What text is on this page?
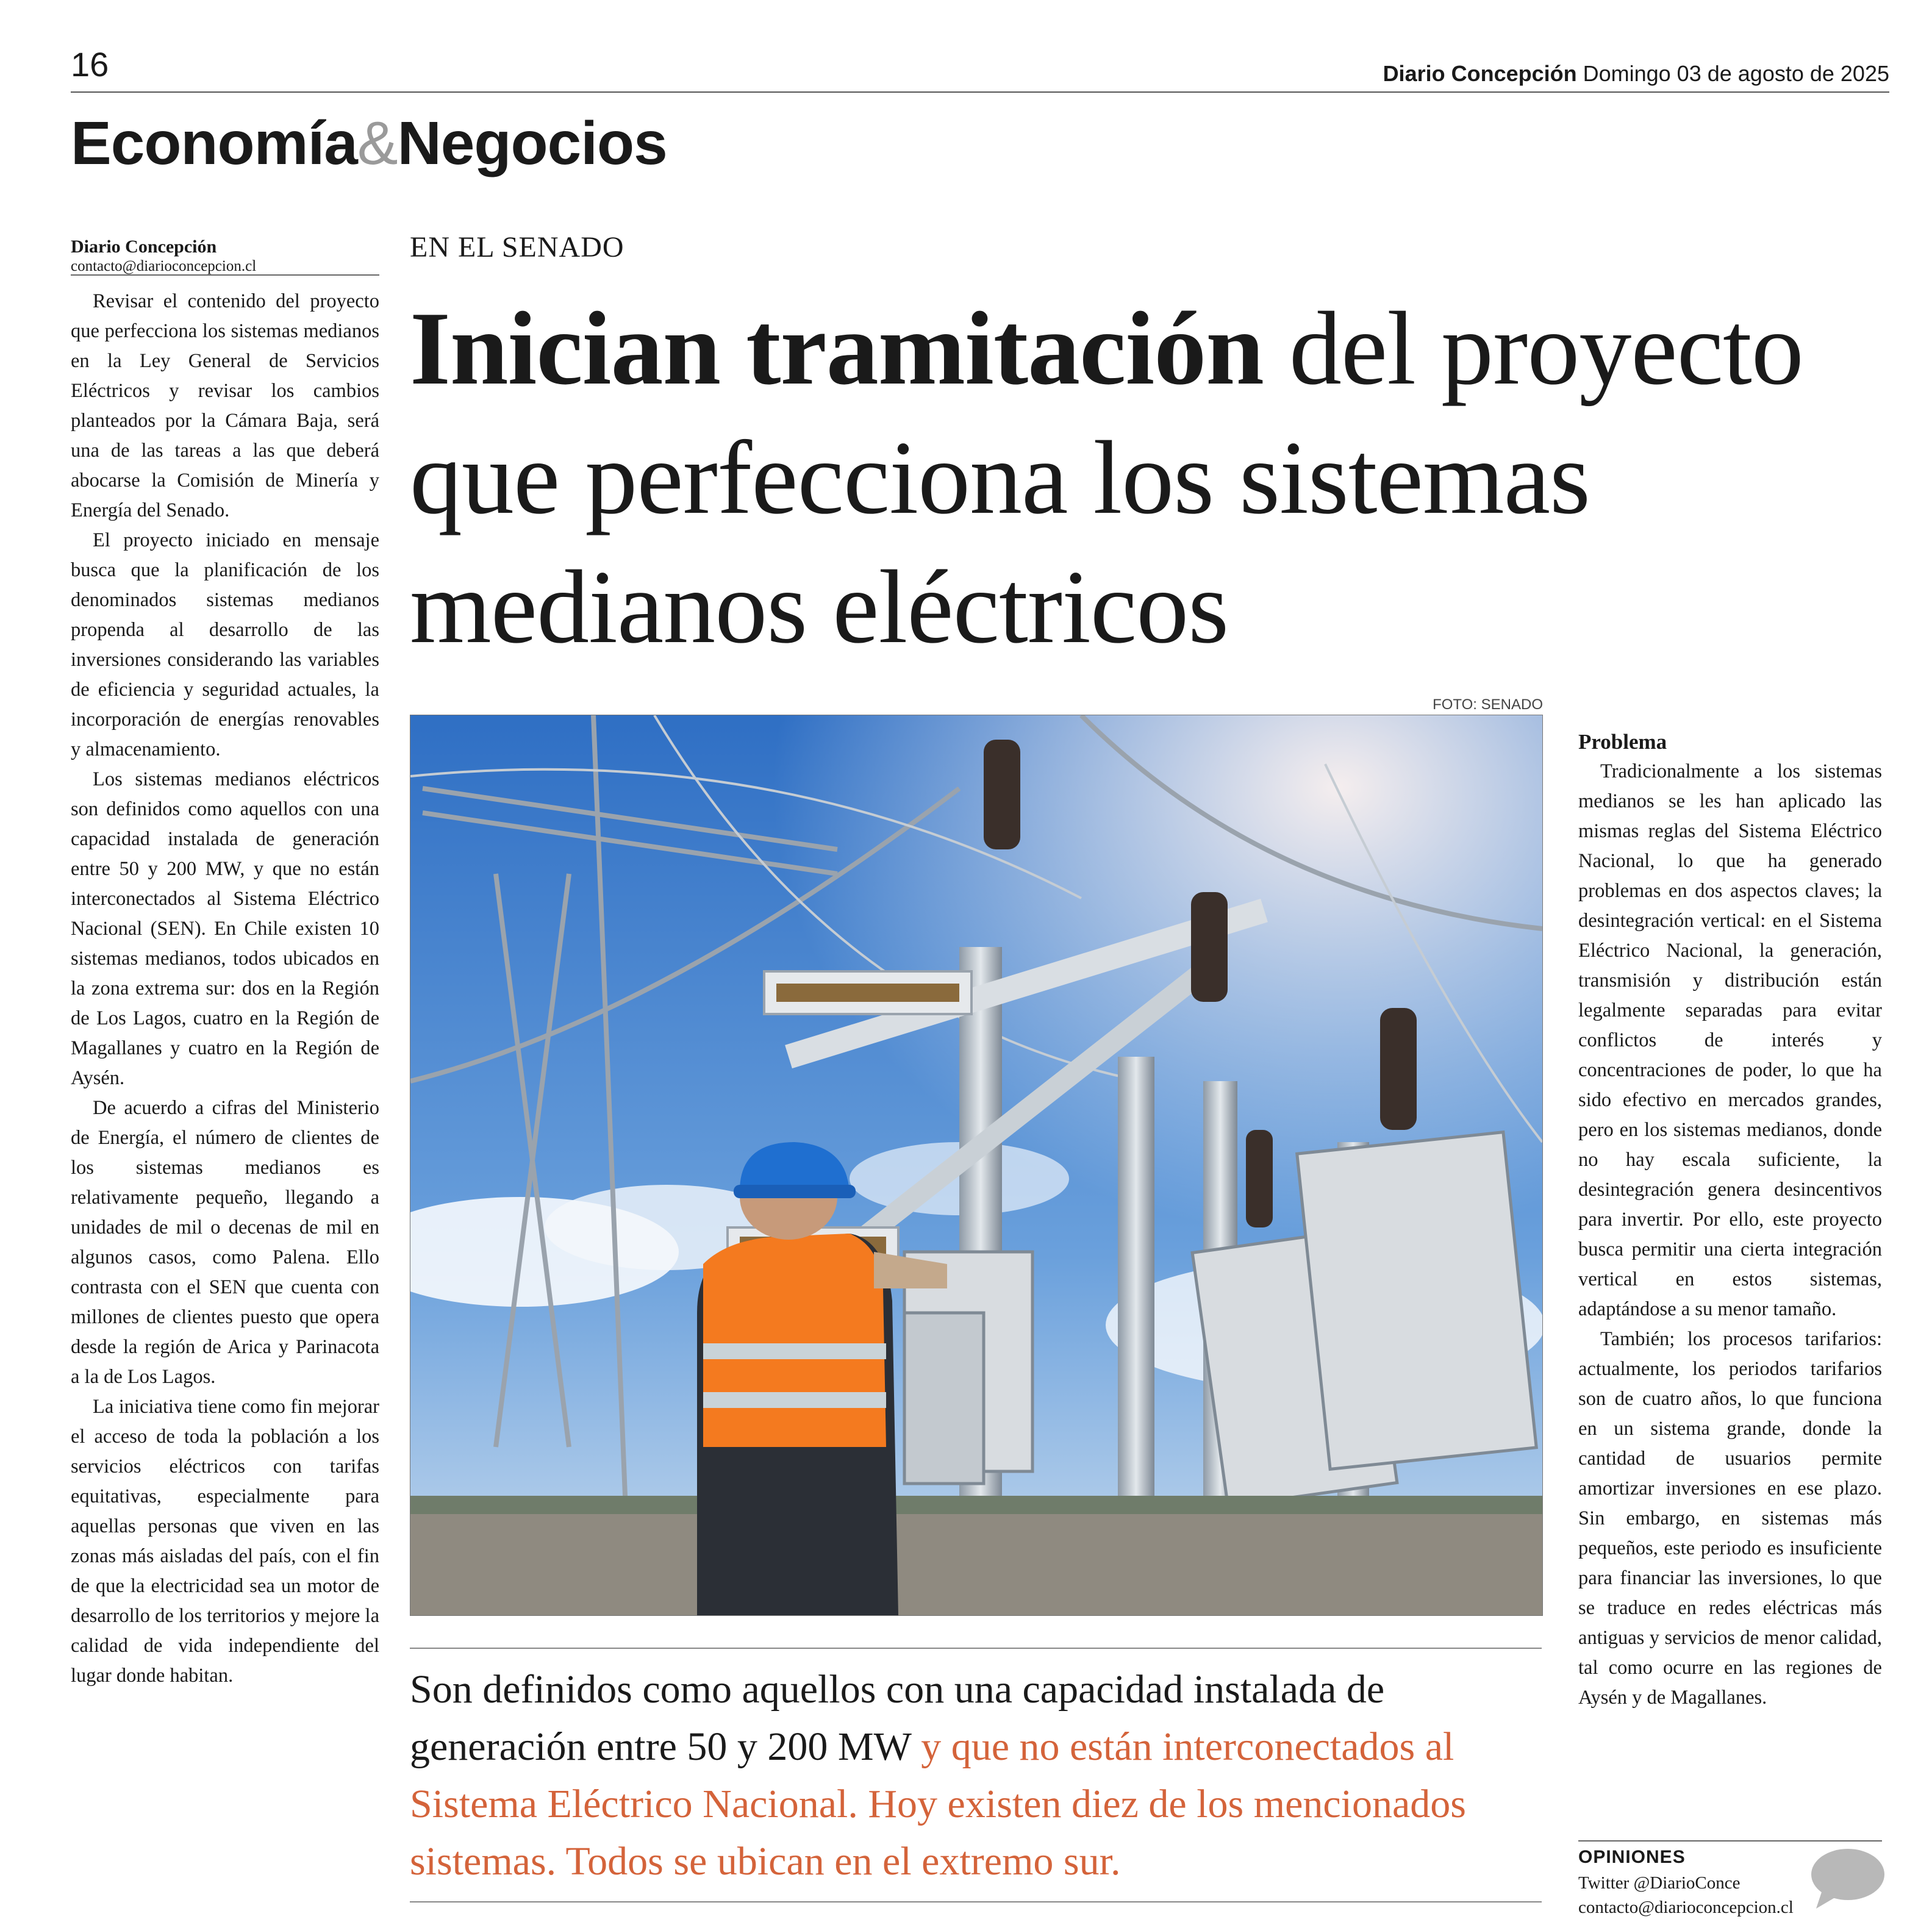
16	Diario Concepción Domingo 03 de agosto de 2025
Economía&Negocios
Diario Concepción
contacto@diarioconcepcion.cl

Revisar el contenido del proyecto que perfecciona los sistemas medianos en la Ley General de Servicios Eléctricos y revisar los cambios planteados por la Cámara Baja, será una de las tareas a las que deberá abocarse la Comisión de Minería y Energía del Senado.

El proyecto iniciado en mensaje busca que la planificación de los denominados sistemas medianos propenda al desarrollo de las inversiones considerando las variables de eficiencia y seguridad actuales, la incorporación de energías renovables y almacenamiento.

Los sistemas medianos eléctricos son definidos como aquellos con una capacidad instalada de generación entre 50 y 200 MW, y que no están interconectados al Sistema Eléctrico Nacional (SEN). En Chile existen 10 sistemas medianos, todos ubicados en la zona extrema sur: dos en la Región de Los Lagos, cuatro en la Región de Magallanes y cuatro en la Región de Aysén.

De acuerdo a cifras del Ministerio de Energía, el número de clientes de los sistemas medianos es relativamente pequeño, llegando a unidades de mil o decenas de mil en algunos casos, como Palena. Ello contrasta con el SEN que cuenta con millones de clientes puesto que opera desde la región de Arica y Parinacota a la de Los Lagos.

La iniciativa tiene como fin mejorar el acceso de toda la población a los servicios eléctricos con tarifas equitativas, especialmente para aquellas personas que viven en las zonas más aisladas del país, con el fin de que la electricidad sea un motor de desarrollo de los territorios y mejore la calidad de vida independiente del lugar donde habitan.

EN EL SENADO
Inician tramitación del proyecto que perfecciona los sistemas medianos eléctricos
FOTO: SENADO
Son definidos como aquellos con una capacidad instalada de generación entre 50 y 200 MW y que no están interconectados al Sistema Eléctrico Nacional. Hoy existen diez de los mencionados sistemas. Todos se ubican en el extremo sur.

Problema

Tradicionalmente a los sistemas medianos se les han aplicado las mismas reglas del Sistema Eléctrico Nacional, lo que ha generado problemas en dos aspectos claves; la desintegración vertical: en el Sistema Eléctrico Nacional, la generación, transmisión y distribución están legalmente separadas para evitar conflictos de interés y concentraciones de poder, lo que ha sido efectivo en mercados grandes, pero en los sistemas medianos, donde no hay escala suficiente, la desintegración genera desincentivos para invertir. Por ello, este proyecto busca permitir una cierta integración vertical en estos sistemas, adaptándose a su menor tamaño.

También; los procesos tarifarios: actualmente, los periodos tarifarios son de cuatro años, lo que funciona en un sistema grande, donde la cantidad de usuarios permite amortizar inversiones en ese plazo. Sin embargo, en sistemas más pequeños, este periodo es insuficiente para financiar las inversiones, lo que se traduce en redes eléctricas más antiguas y servicios de menor calidad, tal como ocurre en las regiones de Aysén y de Magallanes.

OPINIONES
Twitter @DiarioConce
contacto@diarioconcepcion.cl
